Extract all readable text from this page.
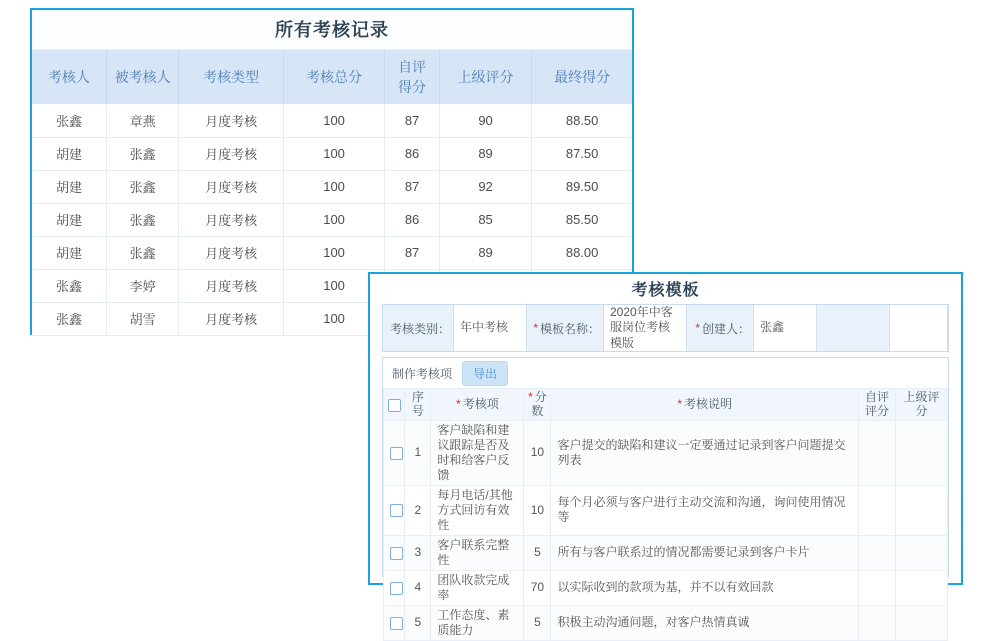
所有考核记录
考核人	被考核人	考核类型	考核总分	自评得分	上级评分	最终得分
张鑫	章燕	月度考核	100	87	90	88.50
胡建	张鑫	月度考核	100	86	89	87.50
胡建	张鑫	月度考核	100	87	92	89.50
胡建	张鑫	月度考核	100	86	85	85.50
胡建	张鑫	月度考核	100	87	89	88.00
张鑫	李婷	月度考核	100			
张鑫	胡雪	月度考核	100			
考核模板
考核类别： 年中考核	* 模板名称：
2020年中客服岗位考核模版
* 创建人： 张鑫
制作考核项	导出
	序号	* 考核项	* 分数	* 考核说明	自评评分	上级评分
	1	客户缺陷和建议跟踪是否及时和给客户反馈	10	客户提交的缺陷和建议一定要通过记录到客户问题提交列表		
	2	每月电话/其他方式回访有效性	10	每个月必须与客户进行主动交流和沟通，询问使用情况等		
	3	客户联系完整性	5	所有与客户联系过的情况都需要记录到客户卡片		
	4	团队收款完成率	70	以实际收到的款项为基，并不以有效回款		
	5	工作态度、素质能力	5	积极主动沟通问题，对客户热情真诚		
